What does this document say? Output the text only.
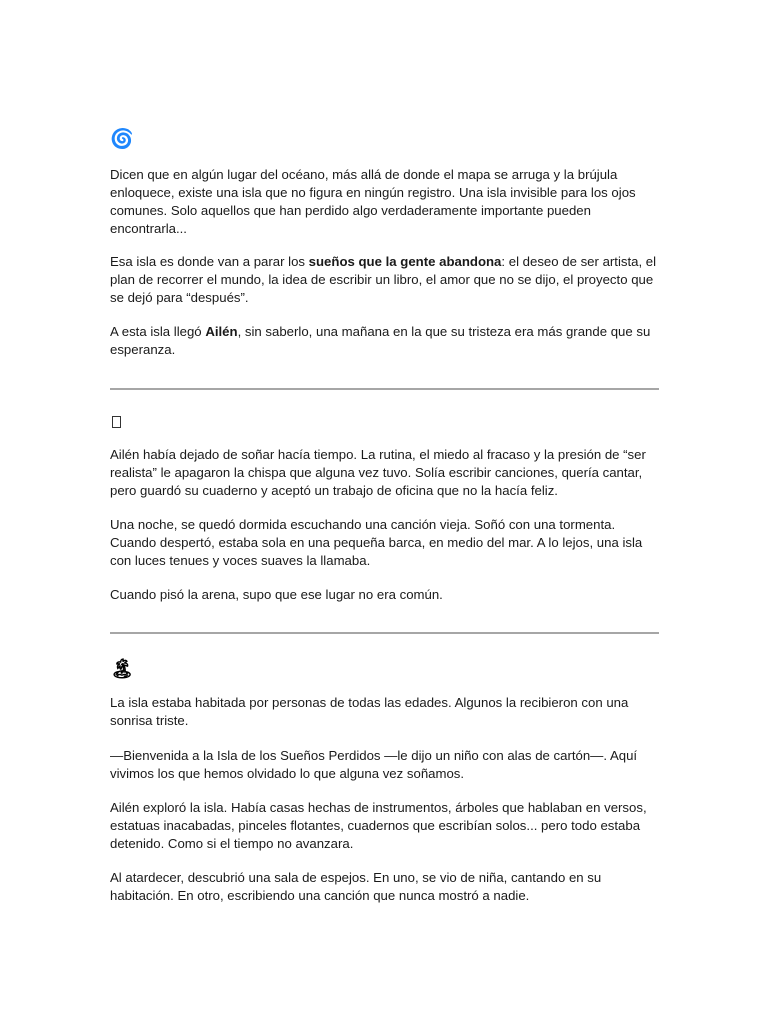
🌀

Dicen que en algún lugar del océano, más allá de donde el mapa se arruga y la brújula enloquece, existe una isla que no figura en ningún registro. Una isla invisible para los ojos comunes. Solo aquellos que han perdido algo verdaderamente importante pueden encontrarla...

Esa isla es donde van a parar los sueños que la gente abandona: el deseo de ser artista, el plan de recorrer el mundo, la idea de escribir un libro, el amor que no se dijo, el proyecto que se dejó para “después”.

A esta isla llegó Ailén, sin saberlo, una mañana en la que su tristeza era más grande que su esperanza.

Ailén había dejado de soñar hacía tiempo. La rutina, el miedo al fracaso y la presión de “ser realista” le apagaron la chispa que alguna vez tuvo. Solía escribir canciones, quería cantar, pero guardó su cuaderno y aceptó un trabajo de oficina que no la hacía feliz.

Una noche, se quedó dormida escuchando una canción vieja. Soñó con una tormenta. Cuando despertó, estaba sola en una pequeña barca, en medio del mar. A lo lejos, una isla con luces tenues y voces suaves la llamaba.

Cuando pisó la arena, supo que ese lugar no era común.

🏝

La isla estaba habitada por personas de todas las edades. Algunos la recibieron con una sonrisa triste.

—Bienvenida a la Isla de los Sueños Perdidos —le dijo un niño con alas de cartón—. Aquí vivimos los que hemos olvidado lo que alguna vez soñamos.

Ailén exploró la isla. Había casas hechas de instrumentos, árboles que hablaban en versos, estatuas inacabadas, pinceles flotantes, cuadernos que escribían solos... pero todo estaba detenido. Como si el tiempo no avanzara.

Al atardecer, descubrió una sala de espejos. En uno, se vio de niña, cantando en su habitación. En otro, escribiendo una canción que nunca mostró a nadie.
